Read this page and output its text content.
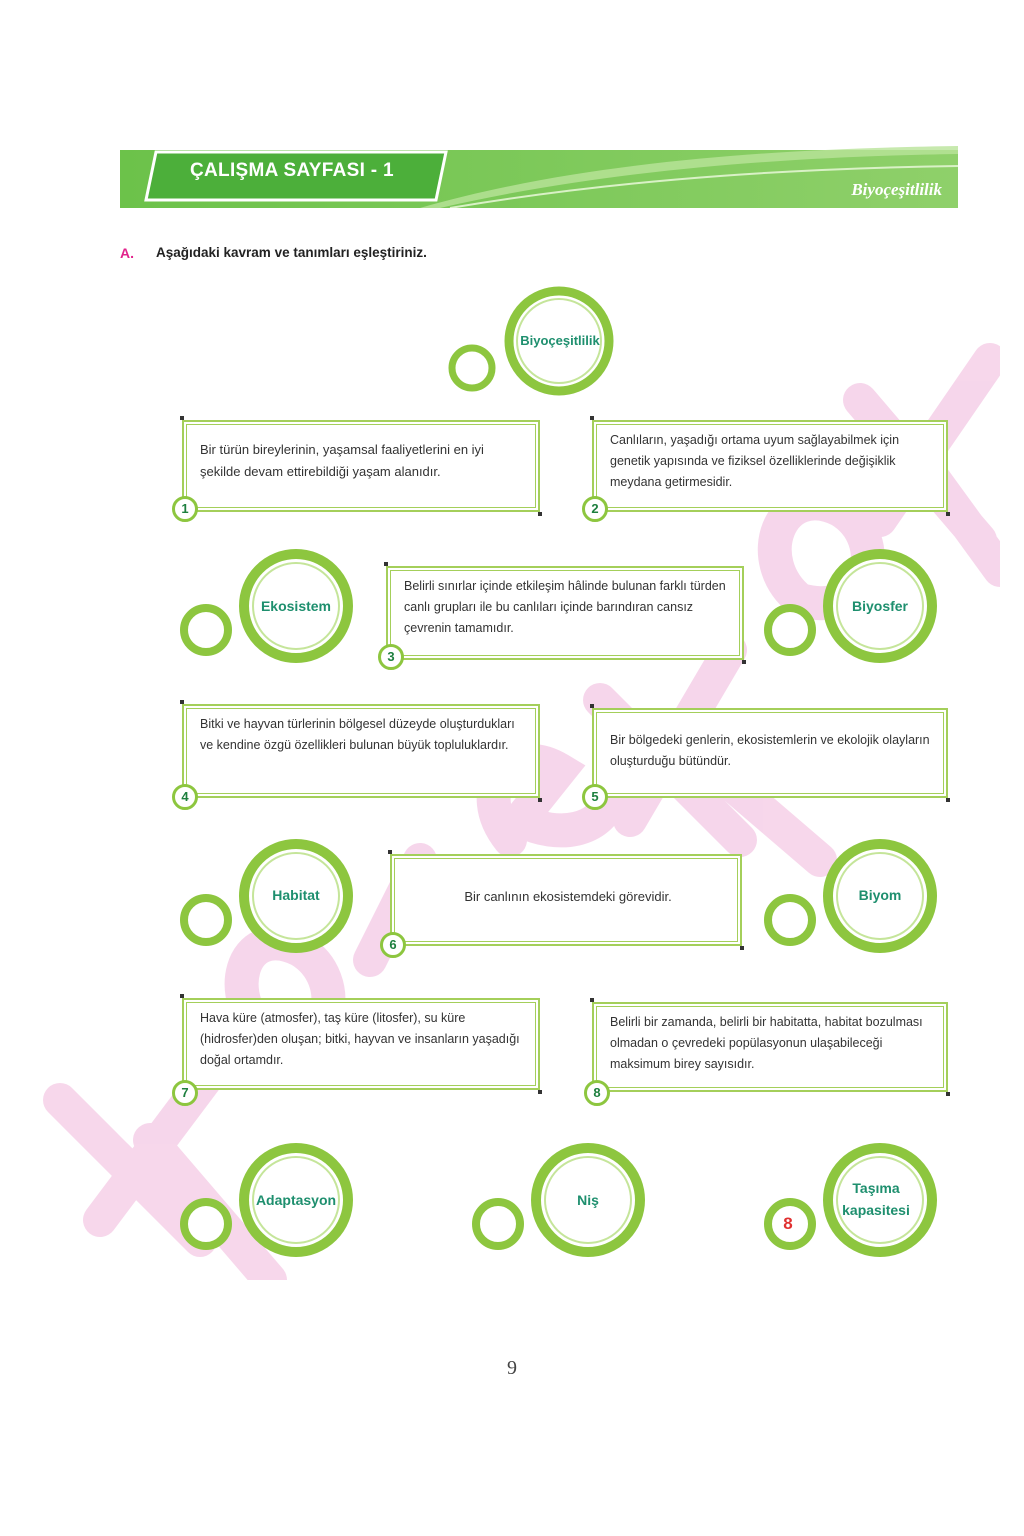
ÇALIŞMA SAYFASI - 1
Biyoçeşitlilik
A. Aşağıdaki kavram ve tanımları eşleştiriniz.
Biyoçeşitlilik
Ekosistem	Biyosfer
Habitat	Biyom
Adaptasyon	Niş
Taşıma
kapasitesi
8
Bir türün bireylerinin, yaşamsal faaliyetlerini en iyi şekilde devam ettirebildiği yaşam alanıdır.
1
Canlıların, yaşadığı ortama uyum sağlayabilmek için genetik yapısında ve fiziksel özelliklerinde değişiklik meydana getirmesidir.
2
Belirli sınırlar içinde etkileşim hâlinde bulunan farklı türden canlı grupları ile bu canlıları içinde barındıran cansız çevrenin tamamıdır.
3
Bitki ve hayvan türlerinin bölgesel düzeyde oluşturdukları ve kendine özgü özellikleri bulunan büyük topluluklardır.
4
Bir bölgedeki genlerin, ekosistemlerin ve ekolojik olayların oluşturduğu bütündür.
5
Bir canlının ekosistemdeki görevidir.
6
Hava küre (atmosfer), taş küre (litosfer), su küre (hidrosfer)den oluşan; bitki, hayvan ve insanların yaşadığı doğal ortamdır.
7
Belirli bir zamanda, belirli bir habitatta, habitat bozulması olmadan o çevredeki popülasyonun ulaşabileceği maksimum birey sayısıdır.
8
9
